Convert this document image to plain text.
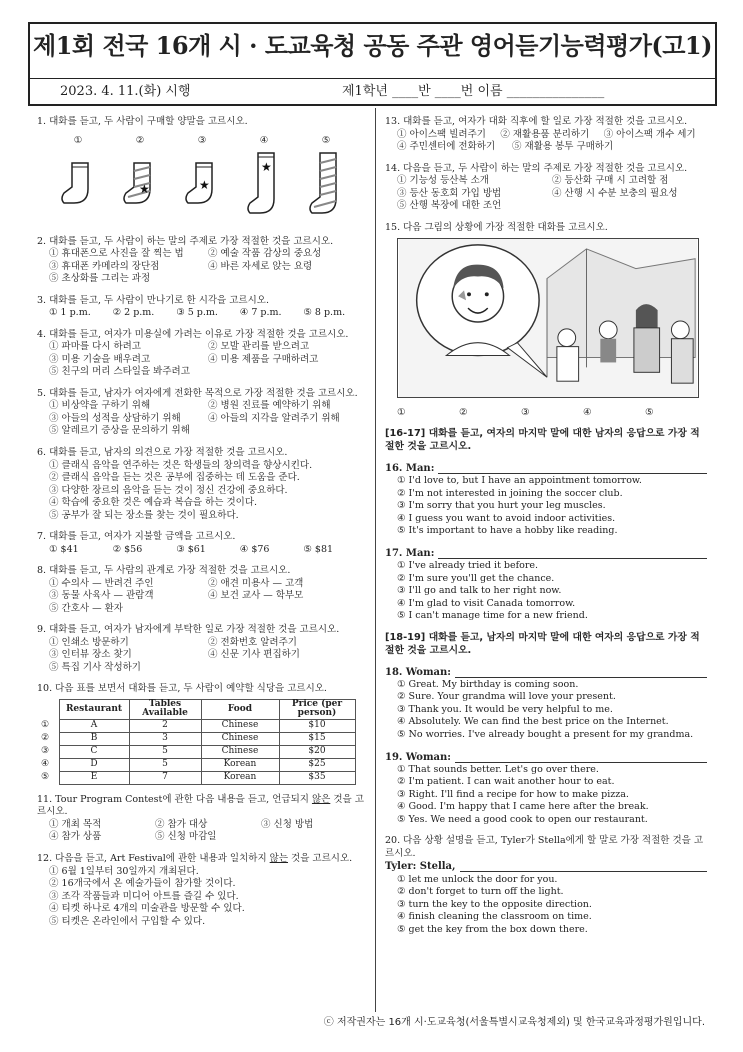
제1회 전국 16개 시 · 도교육청 공동 주관 영어듣기능력평가(고1)
2023. 4. 11.(화) 시행	제1학년 ____반 ____번 이름 _______________
1. 대화를 듣고, 두 사람이 구매할 양말을 고르시오.
①	②
★
③
★
④
★
⑤
2. 대화를 듣고, 두 사람이 하는 말의 주제로 가장 적절한 것을 고르시오.
① 휴대폰으로 사진을 잘 찍는 법	② 예술 작품 감상의 중요성
③ 휴대폰 카메라의 장단점	④ 바른 자세로 앉는 요령
⑤ 초상화를 그리는 과정
3. 대화를 듣고, 두 사람이 만나기로 한 시각을 고르시오.
① 1 p.m.	② 2 p.m.	③ 5 p.m.	④ 7 p.m.	⑤ 8 p.m.
4. 대화를 듣고, 여자가 미용실에 가려는 이유로 가장 적절한 것을 고르시오.
① 파마를 다시 하려고	② 모발 관리를 받으려고
③ 미용 기술을 배우려고	④ 미용 제품을 구매하려고
⑤ 친구의 머리 스타일을 봐주려고
5. 대화를 듣고, 남자가 여자에게 전화한 목적으로 가장 적절한 것을 고르시오.
① 비상약을 구하기 위해	② 병원 진료를 예약하기 위해
③ 아들의 성적을 상담하기 위해	④ 아들의 지각을 알려주기 위해
⑤ 알레르기 증상을 문의하기 위해
6. 대화를 듣고, 남자의 의견으로 가장 적절한 것을 고르시오.
① 클래식 음악을 연주하는 것은 학생들의 창의력을 향상시킨다.
② 클래식 음악을 듣는 것은 공부에 집중하는 데 도움을 준다.
③ 다양한 장르의 음악을 듣는 것이 정신 건강에 중요하다.
④ 학습에 중요한 것은 예습과 복습을 하는 것이다.
⑤ 공부가 잘 되는 장소를 찾는 것이 필요하다.
7. 대화를 듣고, 여자가 지불할 금액을 고르시오.
① $41	② $56	③ $61	④ $76	⑤ $81
8. 대화를 듣고, 두 사람의 관계로 가장 적절한 것을 고르시오.
① 수의사 — 반려견 주인	② 애견 미용사 — 고객
③ 동물 사육사 — 관람객	④ 보건 교사 — 학부모
⑤ 간호사 — 환자
9. 대화를 듣고, 여자가 남자에게 부탁한 일로 가장 적절한 것을 고르시오.
① 인쇄소 방문하기	② 전화번호 알려주기
③ 인터뷰 장소 찾기	④ 신문 기사 편집하기
⑤ 특집 기사 작성하기
10. 다음 표를 보면서 대화를 듣고, 두 사람이 예약할 식당을 고르시오.
	Restaurant	Tables Available	Food	Price (per person)
①	A	2	Chinese	$10
②	B	3	Chinese	$15
③	C	5	Chinese	$20
④	D	5	Korean	$25
⑤	E	7	Korean	$35
11. Tour Program Contest에 관한 다음 내용을 듣고, 언급되지 않은 것을 고르시오.
① 개최 목적	② 참가 대상	③ 신청 방법
④ 참가 상품	⑤ 신청 마감일
12. 다음을 듣고, Art Festival에 관한 내용과 일치하지 않는 것을 고르시오.
① 6월 1일부터 30일까지 개최된다.
② 16개국에서 온 예술가들이 참가할 것이다.
③ 조각 작품들과 미디어 아트를 즐길 수 있다.
④ 티켓 하나로 4개의 미술관을 방문할 수 있다.
⑤ 티켓은 온라인에서 구입할 수 있다.
13. 대화를 듣고, 여자가 대화 직후에 할 일로 가장 적절한 것을 고르시오.
① 아이스팩 빌려주기	② 재활용품 분리하기	③ 아이스팩 개수 세기
④ 주민센터에 전화하기	⑤ 재활용 봉투 구매하기
14. 다음을 듣고, 두 사람이 하는 말의 주제로 가장 적절한 것을 고르시오.
① 기능성 등산복 소개	② 등산화 구매 시 고려할 점
③ 등산 동호회 가입 방법	④ 산행 시 수분 보충의 필요성
⑤ 산행 복장에 대한 조언
15. 다음 그림의 상황에 가장 적절한 대화를 고르시오.
①	②	③	④	⑤
[16-17] 대화를 듣고, 여자의 마지막 말에 대한 남자의 응답으로 가장 적절한 것을 고르시오.
16. Man:
① I'd love to, but I have an appointment tomorrow.
② I'm not interested in joining the soccer club.
③ I'm sorry that you hurt your leg muscles.
④ I guess you want to avoid indoor activities.
⑤ It's important to have a hobby like reading.
17. Man:
① I've already tried it before.
② I'm sure you'll get the chance.
③ I'll go and talk to her right now.
④ I'm glad to visit Canada tomorrow.
⑤ I can't manage time for a new friend.
[18-19] 대화를 듣고, 남자의 마지막 말에 대한 여자의 응답으로 가장 적절한 것을 고르시오.
18. Woman:
① Great. My birthday is coming soon.
② Sure. Your grandma will love your present.
③ Thank you. It would be very helpful to me.
④ Absolutely. We can find the best price on the Internet.
⑤ No worries. I've already bought a present for my grandma.
19. Woman:
① That sounds better. Let's go over there.
② I'm patient. I can wait another hour to eat.
③ Right. I'll find a recipe for how to make pizza.
④ Good. I'm happy that I came here after the break.
⑤ Yes. We need a good cook to open our restaurant.
20. 다음 상황 설명을 듣고, Tyler가 Stella에게 할 말로 가장 적절한 것을 고르시오.
Tyler: Stella,
① let me unlock the door for you.
② don't forget to turn off the light.
③ turn the key to the opposite direction.
④ finish cleaning the classroom on time.
⑤ get the key from the box down there.
ⓒ 저작권자는 16개 시·도교육청(서울특별시교육청제외) 및 한국교육과정평가원입니다.
